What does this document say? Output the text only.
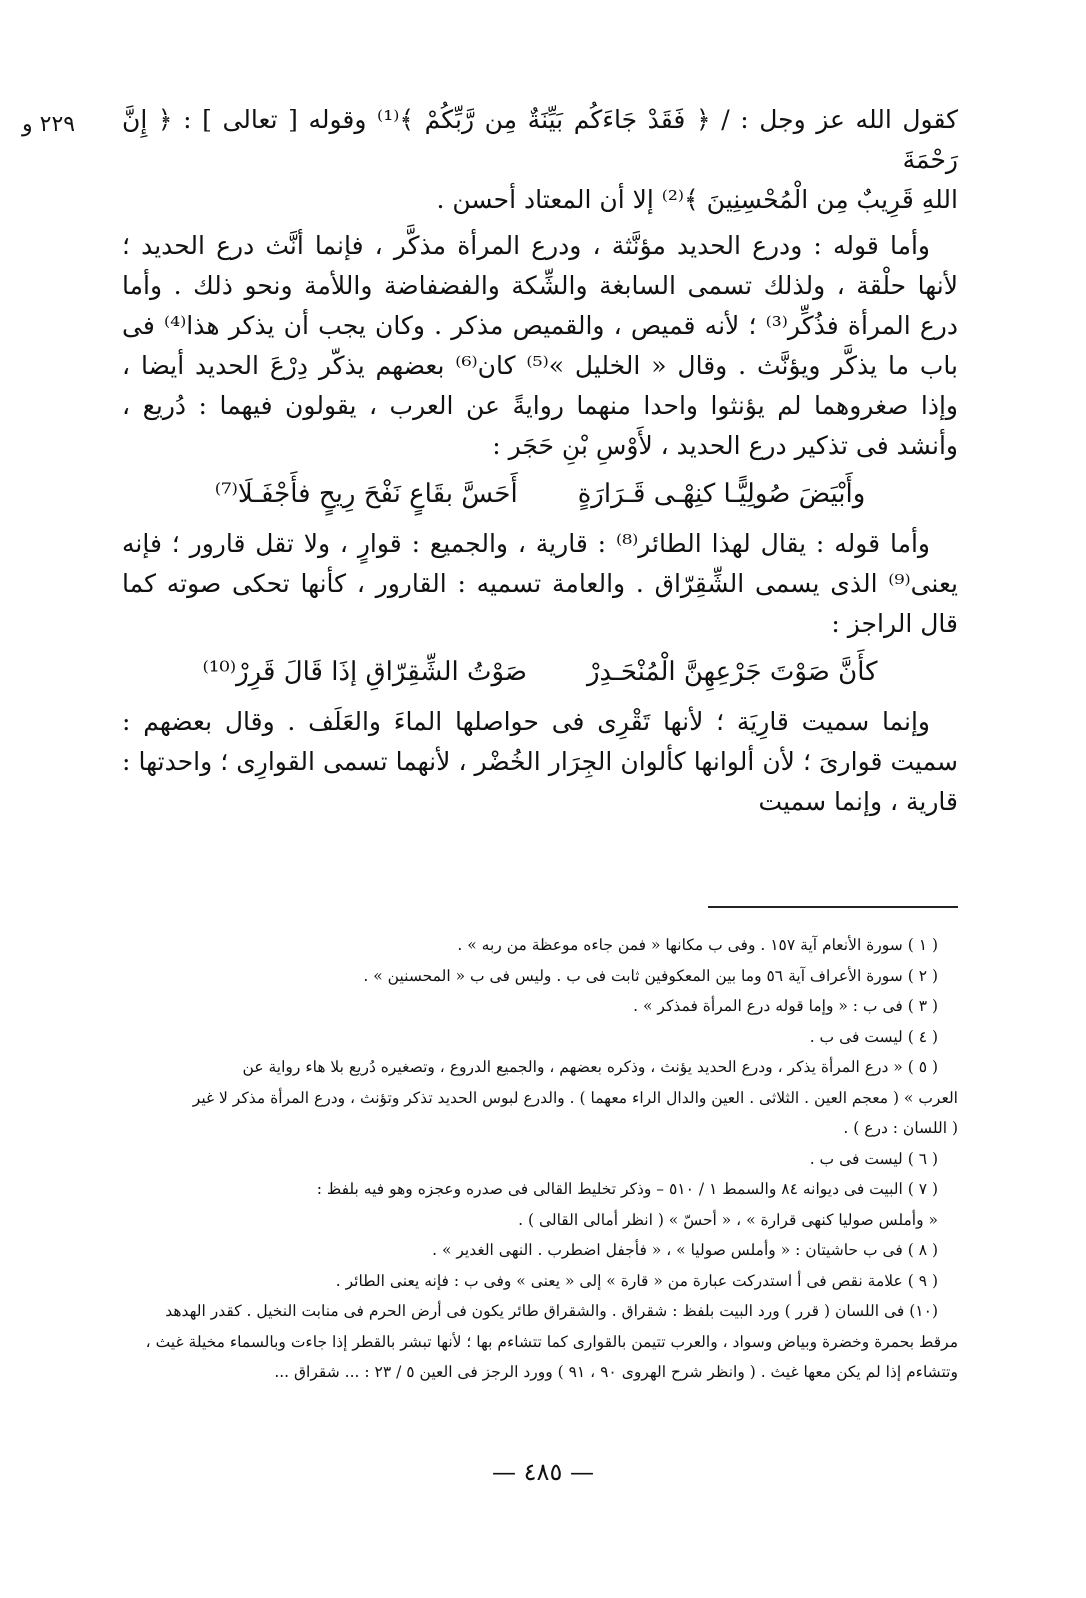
٢٢٩ و كقول الله عز وجل : / ﴿ فَقَدْ جَاءَكُم بَيِّنَةٌ مِن رَّبِّكُمْ ﴾⁽¹⁾ وقوله [ تعالى ] : ﴿ إِنَّ رَحْمَةَ

اللهِ قَرِيبٌ مِن الْمُحْسِنِينَ ﴾⁽²⁾ إلا أن المعتاد أحسن .

وأما قوله : ودرع الحديد مؤنَّثة ، ودرع المرأة مذكَّر ، فإنما أنَّث درع الحديد ؛ لأنها حلْقة ، ولذلك تسمى السابغة والشِّكة والفضفاضة واللأمة ونحو ذلك . وأما درع المرأة فذُكِّر⁽³⁾ ؛ لأنه قميص ، والقميص مذكر . وكان يجب أن يذكر هذا⁽⁴⁾ فى باب ما يذكَّر ويؤنَّث . وقال « الخليل »⁽⁵⁾ كان⁽⁶⁾ بعضهم يذكّر دِرْعَ الحديد أيضا ، وإذا صغروهما لم يؤنثوا واحدا منهما روايةً عن العرب ، يقولون فيهما : دُريع ، وأنشد فى تذكير درع الحديد ، لأَوْسِ بْنِ حَجَر :

وأَبْيَضَ صُولِيًّـا كنِهْـى قَـرَارَةٍ
أَحَسَّ بقَاعٍ نَفْحَ رِيحٍ فأَجْفَـلَا⁽⁷⁾

وأما قوله : يقال لهذا الطائر⁽⁸⁾ : قارية ، والجميع : قوارٍ ، ولا تقل قارور ؛ فإنه يعنى⁽⁹⁾ الذى يسمى الشِّقِرّاق . والعامة تسميه : القارور ، كأنها تحكى صوته كما قال الراجز :

كأَنَّ صَوْتَ جَرْعِهِنَّ الْمُنْحَـدِرْ
صَوْتُ الشِّقِرّاقِ إذَا قَالَ قَرِرْ⁽¹⁰⁾

وإنما سميت قارِيَة ؛ لأنها تَقْرِى فى حواصلها الماءَ والعَلَف . وقال بعضهم : سميت قوارىَ ؛ لأن ألوانها كألوان الجِرَار الخُضْر ، لأنهما تسمى القوارِى ؛ واحدتها : قارية ، وإنما سميت

( ١ ) سورة الأنعام آية ١٥٧ . وفى ب مكانها « فمن جاءه موعظة من ربه » .

( ٢ ) سورة الأعراف آية ٥٦ وما بين المعكوفين ثابت فى ب . وليس فى ب « المحسنين » .

( ٣ ) فى ب : « وإما قوله درع المرأة فمذكر » .

( ٤ ) ليست فى ب .

( ٥ ) « درع المرأة يذكر ، ودرع الحديد يؤنث ، وذكره بعضهم ، والجميع الدروع ، وتصغيره دُريع بلا هاء رواية عن

العرب » ( معجم العين . الثلاثى . العين والدال الراء معهما ) . والدرع لبوس الحديد تذكر وتؤنث ، ودرع المرأة مذكر لا غير

( اللسان : درع ) .

( ٦ ) ليست فى ب .

( ٧ ) البيت فى ديوانه ٨٤ والسمط ١ / ٥١٠ – وذكر تخليط القالى فى صدره وعجزه وهو فيه بلفظ :

« وأملس صوليا كنهى قرارة » ، « أحسّ » ( انظر أمالى القالى ) .

( ٨ ) فى ب حاشيتان : « وأملس صوليا » ، « فأجفل اضطرب . النهى الغدير » .

( ٩ ) علامة نقص فى أ استدركت عبارة من « قارة » إلى « يعنى » وفى ب : فإنه يعنى الطائر .

(١٠) فى اللسان ( قرر ) ورد البيت بلفظ : شقراق . والشقراق طائر يكون فى أرض الحرم فى منابت النخيل . كقدر الهدهد

مرقط بحمرة وخضرة وبياض وسواد ، والعرب تتيمن بالقوارى كما تتشاءم بها ؛ لأنها تبشر بالقطر إذا جاءت وبالسماء مخيلة غيث ،

وتتشاءم إذا لم يكن معها غيث . ( وانظر شرح الهروى ٩٠ ، ٩١ ) وورد الرجز فى العين ٥ / ٢٣ : ... شقراق ...

— ٤٨٥ —
